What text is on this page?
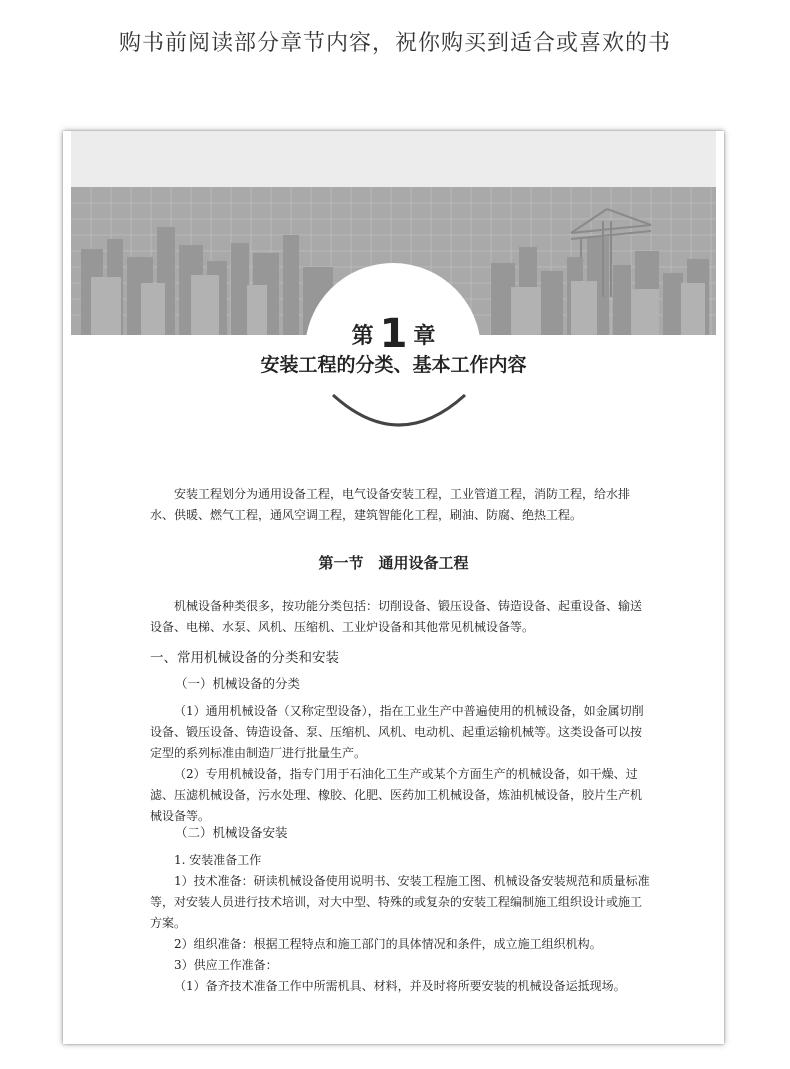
购书前阅读部分章节内容，祝你购买到适合或喜欢的书
第 1 章
安装工程的分类、基本工作内容

安装工程划分为通用设备工程，电气设备安装工程，工业管道工程，消防工程，给水排水、供暖、燃气工程，通风空调工程，建筑智能化工程，刷油、防腐、绝热工程。

第一节　通用设备工程

机械设备种类很多，按功能分类包括：切削设备、锻压设备、铸造设备、起重设备、输送设备、电梯、水泵、风机、压缩机、工业炉设备和其他常见机械设备等。

一、常用机械设备的分类和安装
（一）机械设备的分类

（1）通用机械设备（又称定型设备），指在工业生产中普遍使用的机械设备，如金属切削设备、锻压设备、铸造设备、泵、压缩机、风机、电动机、起重运输机械等。这类设备可以按定型的系列标准由制造厂进行批量生产。

（2）专用机械设备，指专门用于石油化工生产或某个方面生产的机械设备，如干燥、过滤、压滤机械设备，污水处理、橡胶、化肥、医药加工机械设备，炼油机械设备，胶片生产机械设备等。

（二）机械设备安装

1. 安装准备工作

1）技术准备：研读机械设备使用说明书、安装工程施工图、机械设备安装规范和质量标准等，对安装人员进行技术培训，对大中型、特殊的或复杂的安装工程编制施工组织设计或施工方案。

2）组织准备：根据工程特点和施工部门的具体情况和条件，成立施工组织机构。

3）供应工作准备：

（1）备齐技术准备工作中所需机具、材料，并及时将所要安装的机械设备运抵现场。
